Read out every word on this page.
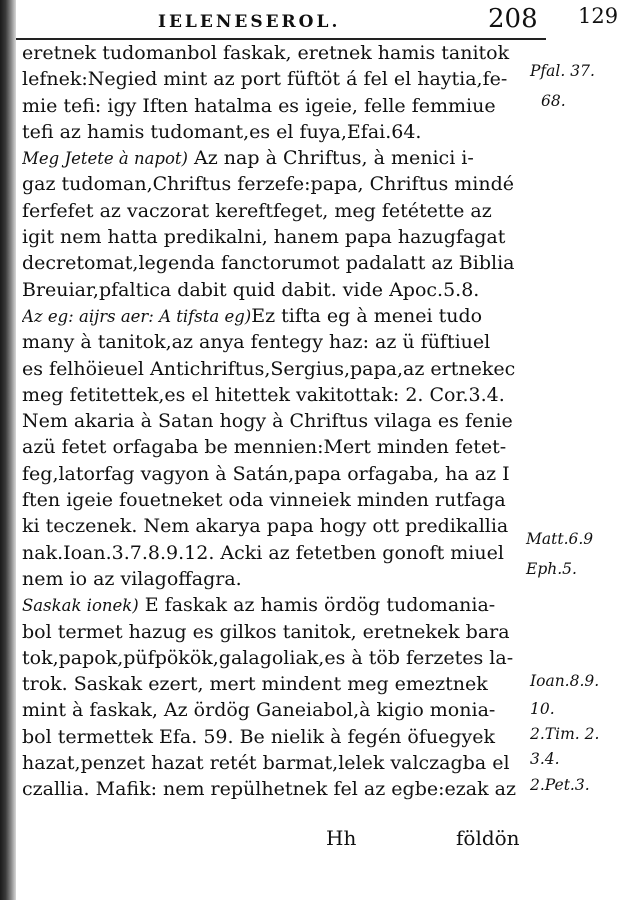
IELENESEROL.	208 129
eretnek tudomanbol faskak, eretnek hamis tanitok
lefnek:Negied mint az port füftöt á fel el haytia,fe-
mie tefi: igy Iften hatalma es igeie, felle femmiue
tefi az hamis tudomant,es el fuya,Efai.64.
Meg Jetete à napot) Az nap à Chriftus, à menici i-
gaz tudoman,Chriftus ferzefe:papa, Chriftus mindé
ferfefet az vaczorat kereftfeget, meg fetétette az
igit nem hatta predikalni, hanem papa hazugfagat
decretomat,legenda fanctorumot padalatt az Biblia
Breuiar,pfaltica dabit quid dabit. vide Apoc.5.8.
Az eg: aijrs aer: A tifsta eg)Ez tifta eg à menei tudo
many à tanitok,az anya fentegy haz: az ü füftiuel
es felhöieuel Antichriftus,Sergius,papa,az ertnekec
meg fetitettek,es el hitettek vakitottak: 2. Cor.3.4.
Nem akaria à Satan hogy à Chriftus vilaga es fenie
azü fetet orfagaba be mennien:Mert minden fetet-
feg,latorfag vagyon à Satán,papa orfagaba, ha az I
ften igeie fouetneket oda vinneiek minden rutfaga
ki teczenek. Nem akarya papa hogy ott predikallia
nak.Ioan.3.7.8.9.12. Acki az fetetben gonoft miuel
nem io az vilagoffagra.
Saskak ionek) E faskak az hamis ördög tudomania-
bol termet hazug es gilkos tanitok, eretnekek bara
tok,papok,püfpökök,galagoliak,es à töb ferzetes la-
trok. Saskak ezert, mert mindent meg emeztnek
mint à faskak, Az ördög Ganeiabol,à kigio monia-
bol termettek Efa. 59. Be nielik à fegén öfuegyek
hazat,penzet hazat retét barmat,lelek valczagba el
czallia. Mafik: nem repülhetnek fel az egbe:ezak az
Pfal. 37.
68.
Matt.6.9
Eph.5.
Ioan.8.9.
10.
2.Tim. 2.
3.4.
2.Pet.3.
Hh	földön
